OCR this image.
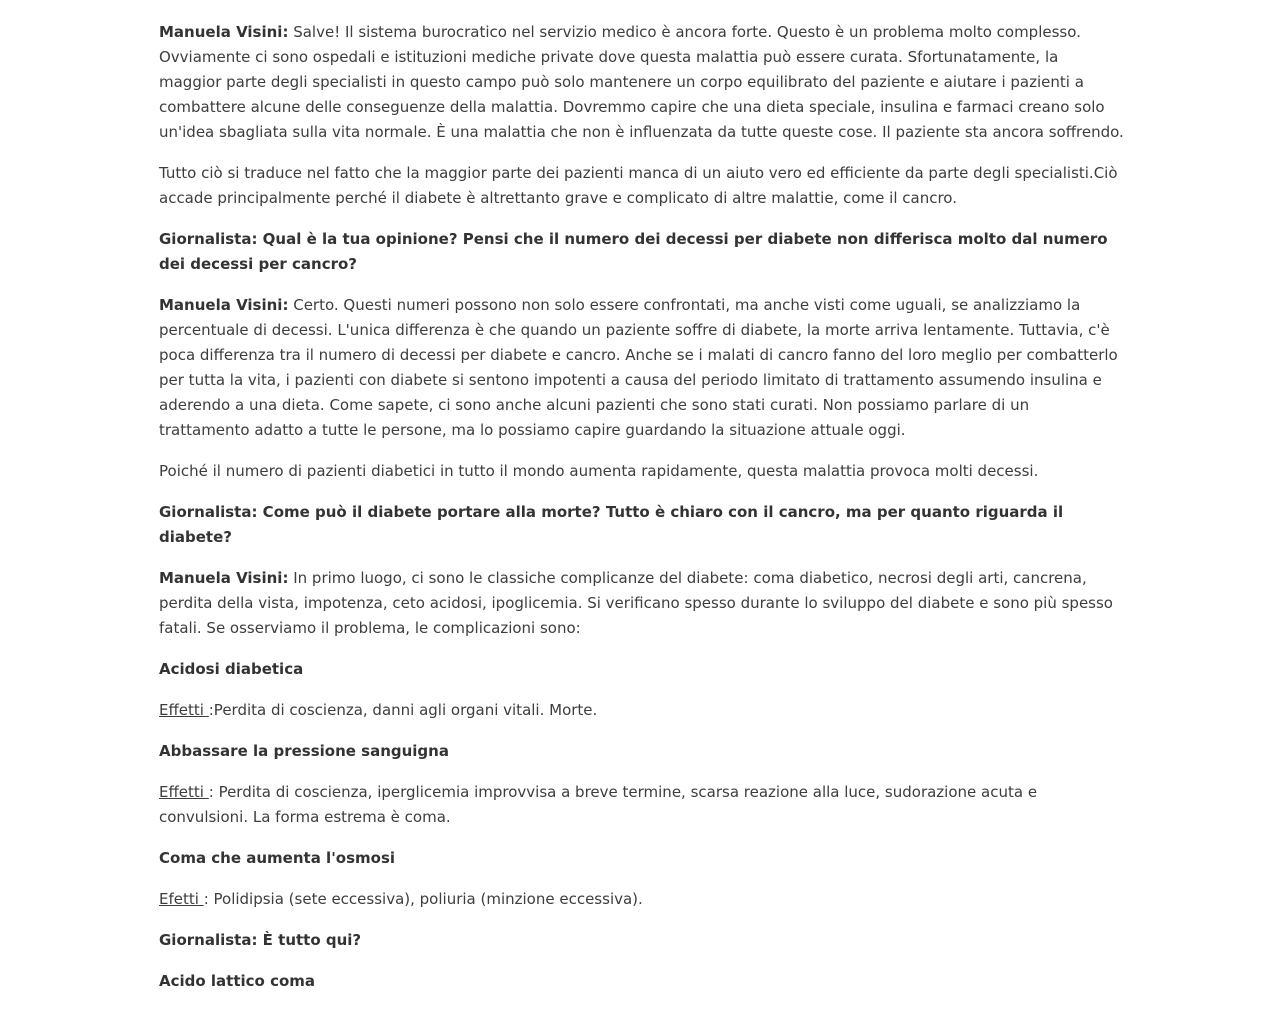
Manuela Visini: Salve! Il sistema burocratico nel servizio medico è ancora forte. Questo è un problema molto complesso. Ovviamente ci sono ospedali e istituzioni mediche private dove questa malattia può essere curata. Sfortunatamente, la maggior parte degli specialisti in questo campo può solo mantenere un corpo equilibrato del paziente e aiutare i pazienti a combattere alcune delle conseguenze della malattia. Dovremmo capire che una dieta speciale, insulina e farmaci creano solo un'idea sbagliata sulla vita normale. È una malattia che non è influenzata da tutte queste cose. Il paziente sta ancora soffrendo.

Tutto ciò si traduce nel fatto che la maggior parte dei pazienti manca di un aiuto vero ed efficiente da parte degli specialisti.Ciò accade principalmente perché il diabete è altrettanto grave e complicato di altre malattie, come il cancro.

Giornalista: Qual è la tua opinione? Pensi che il numero dei decessi per diabete non differisca molto dal numero dei decessi per cancro?

Manuela Visini: Certo. Questi numeri possono non solo essere confrontati, ma anche visti come uguali, se analizziamo la percentuale di decessi. L'unica differenza è che quando un paziente soffre di diabete, la morte arriva lentamente. Tuttavia, c'è poca differenza tra il numero di decessi per diabete e cancro. Anche se i malati di cancro fanno del loro meglio per combatterlo per tutta la vita, i pazienti con diabete si sentono impotenti a causa del periodo limitato di trattamento assumendo insulina e aderendo a una dieta. Come sapete, ci sono anche alcuni pazienti che sono stati curati. Non possiamo parlare di un trattamento adatto a tutte le persone, ma lo possiamo capire guardando la situazione attuale oggi.

Poiché il numero di pazienti diabetici in tutto il mondo aumenta rapidamente, questa malattia provoca molti decessi.

Giornalista: Come può il diabete portare alla morte? Tutto è chiaro con il cancro, ma per quanto riguarda il diabete?

Manuela Visini: In primo luogo, ci sono le classiche complicanze del diabete: coma diabetico, necrosi degli arti, cancrena, perdita della vista, impotenza, ceto acidosi, ipoglicemia. Si verificano spesso durante lo sviluppo del diabete e sono più spesso fatali. Se osserviamo il problema, le complicazioni sono:

Acidosi diabetica

Effetti :Perdita di coscienza, danni agli organi vitali. Morte.

Abbassare la pressione sanguigna

Effetti : Perdita di coscienza, iperglicemia improvvisa a breve termine, scarsa reazione alla luce, sudorazione acuta e convulsioni. La forma estrema è coma.

Coma che aumenta l'osmosi

Efetti : Polidipsia (sete eccessiva), poliuria (minzione eccessiva).

Giornalista: È tutto qui?

Acido lattico coma
